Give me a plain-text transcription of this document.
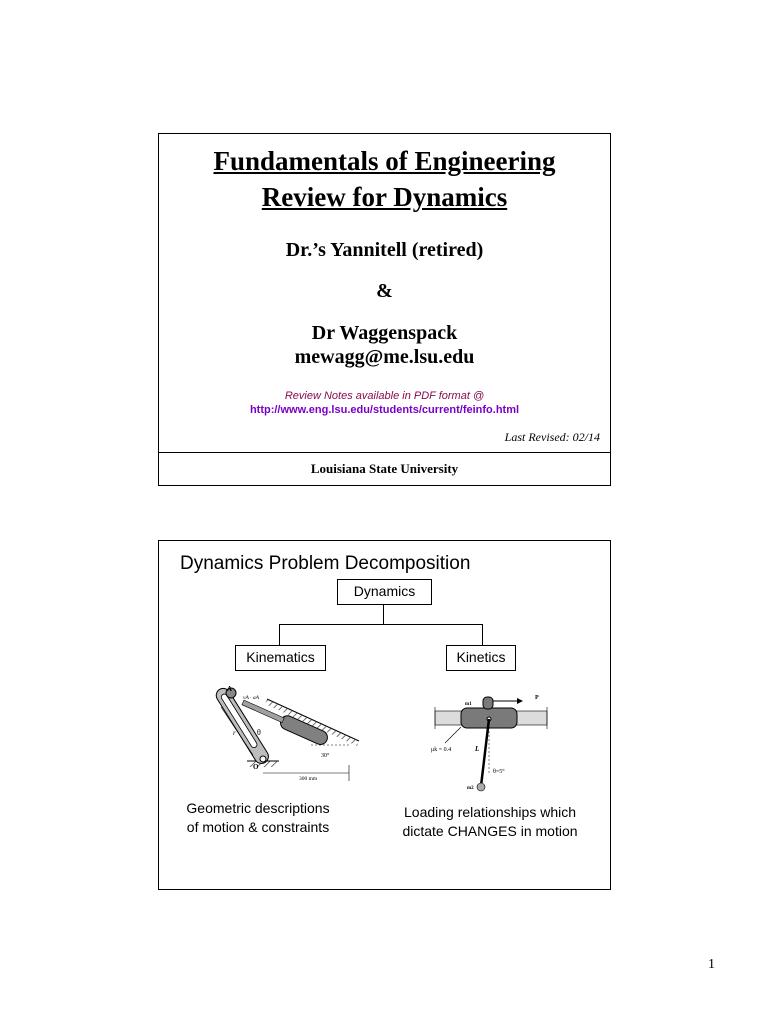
Fundamentals of Engineering
Review for Dynamics
Dr.’s Yannitell (retired)
&
Dr Waggenspack
mewagg@me.lsu.edu
Review Notes available in PDF format @
http://www.eng.lsu.edu/students/current/feinfo.html
Last Revised: 02/14
Louisiana State University
Dynamics Problem Decomposition
Dynamics
Kinematics	Kinetics
A
O
θ
r
30°
300 mm
vA · aA	P
m1
m2
μk = 0.4	L
θ=5°
Geometric descriptions
of motion & constraints
Loading relationships which
dictate CHANGES in motion
1
